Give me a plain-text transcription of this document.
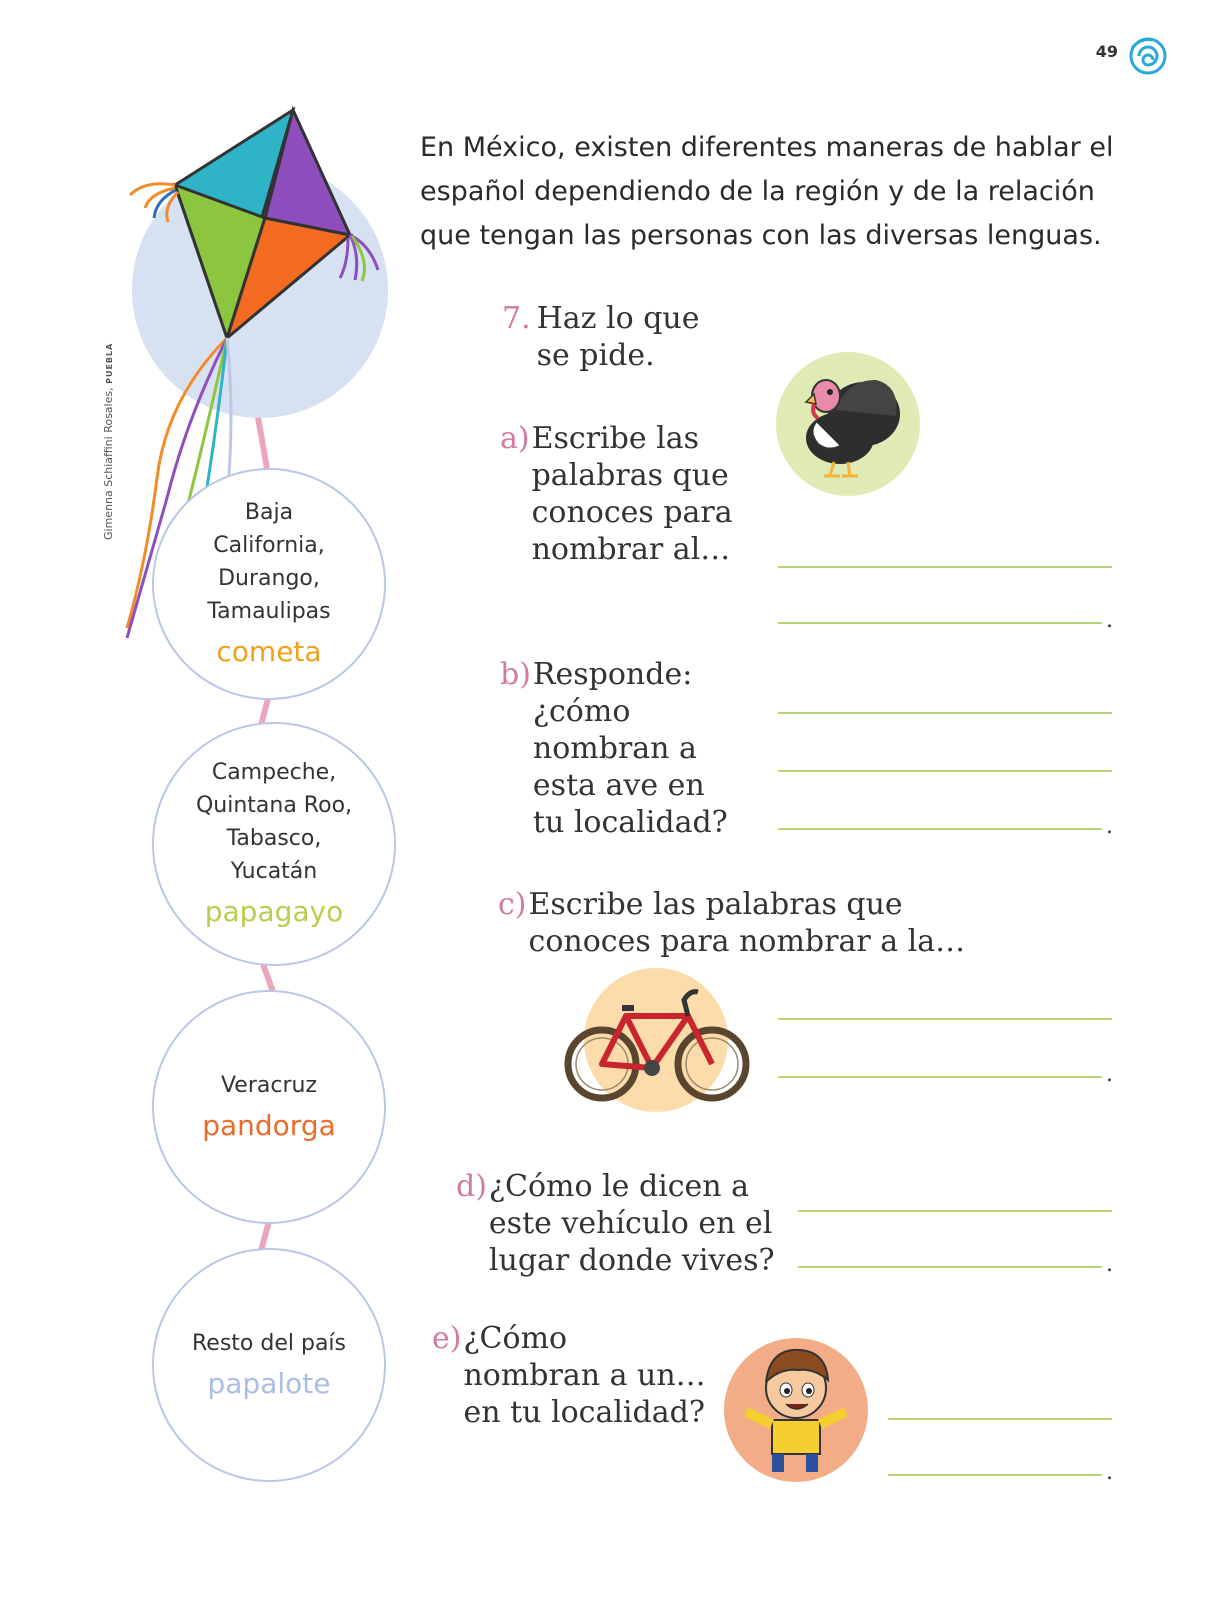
49
Gimenna Schiaffini Rosales, PUEBLA
Baja
California,
Durango,
Tamaulipas
cometa
Campeche,
Quintana Roo,
Tabasco,
Yucatán
papagayo
Veracruz
pandorga
Resto del país
papalote
En México, existen diferentes maneras de hablar el español dependiendo de la región y de la relación que tengan las personas con las diversas lenguas.
7. Haz lo que
se pide.
a)Escribe las
palabras que
conoces para
nombrar al…
.
b)Responde:
¿cómo
nombran a
esta ave en
tu localidad?	.
c)Escribe las palabras que
conoces para nombrar a la…
.
d)¿Cómo le dicen a
este vehículo en el
lugar donde vives?	.
e)¿Cómo
nombran a un…
en tu localidad?
.
